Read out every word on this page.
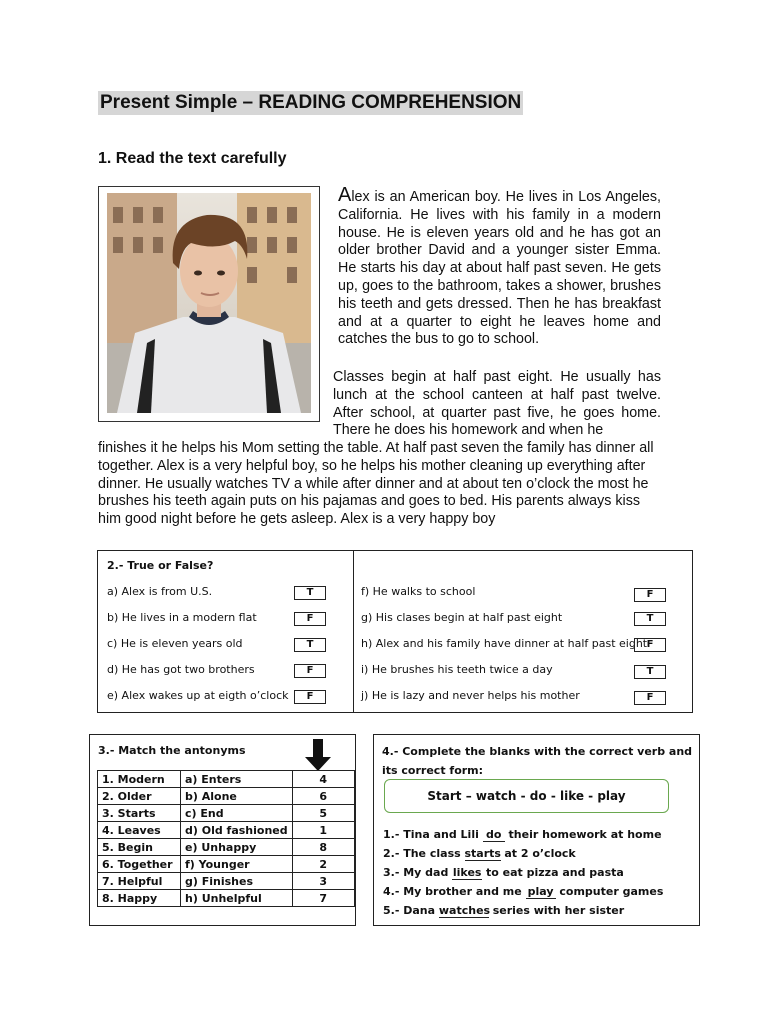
Present Simple – READING COMPREHENSION
1. Read the text carefully
Alex is an American boy. He lives in Los Angeles, California. He lives with his family in a modern house. He is eleven years old and he has got an older brother David and a younger sister Emma. He starts his day at about half past seven. He gets up, goes to the bathroom, takes a shower, brushes his teeth and gets dressed. Then he has breakfast and at a quarter to eight he leaves home and catches the bus to go to school.
Classes begin at half past eight. He usually has lunch at the school canteen at half past twelve. After school, at quarter past five, he goes home. There he does his homework and when he
finishes it he helps his Mom setting the table. At half past seven the family has dinner all together. Alex is a very helpful boy, so he helps his mother cleaning up everything after dinner. He usually watches TV a while after dinner and at about ten o’clock the most he brushes his teeth again puts on his pajamas and goes to bed. His parents always kiss him good night before he gets asleep. Alex is a very happy boy
2.- True or False?
a) Alex is from U.S.	T
b) He lives in a modern flat	F
c) He is eleven years old	T
d) He has got two brothers	F
e) Alex wakes up at eigth o’clock	F
f) He walks to school	F
g) His clases begin at half past eight	T
h) Alex and his family have dinner at half past eight F
i) He brushes his teeth twice a day	T
j) He is lazy and never helps his mother	F
3.- Match the antonyms
1. Modern	a) Enters	4
2. Older	b) Alone	6
3. Starts	c) End	5
4. Leaves	d) Old fashioned	1
5. Begin	e) Unhappy	8
6. Together	f) Younger	2
7. Helpful	g) Finishes	3
8. Happy	h) Unhelpful	7
4.- Complete the blanks with the correct verb and its correct form:
Start – watch - do - like - play
1.- Tina and Lili do their homework at home
2.- The class starts at 2 o’clock
3.- My dad likes to eat pizza and pasta
4.- My brother and me play computer games
5.- Dana watches series with her sister
